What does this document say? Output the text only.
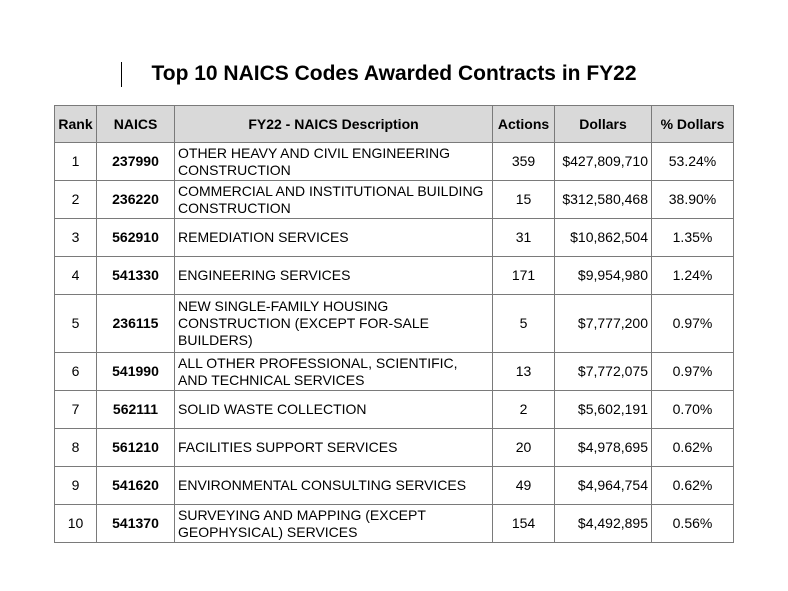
Top 10 NAICS Codes Awarded Contracts in FY22
Rank	NAICS	FY22 - NAICS Description	Actions	Dollars	% Dollars
1	237990	OTHER HEAVY AND CIVIL ENGINEERING CONSTRUCTION	359	$427,809,710	53.24%
2	236220	COMMERCIAL AND INSTITUTIONAL BUILDING CONSTRUCTION	15	$312,580,468	38.90%
3	562910	REMEDIATION SERVICES	31	$10,862,504	1.35%
4	541330	ENGINEERING SERVICES	171	$9,954,980	1.24%
5	236115	NEW SINGLE-FAMILY HOUSING CONSTRUCTION (EXCEPT FOR-SALE BUILDERS)	5	$7,777,200	0.97%
6	541990	ALL OTHER PROFESSIONAL, SCIENTIFIC, AND TECHNICAL SERVICES	13	$7,772,075	0.97%
7	562111	SOLID WASTE COLLECTION	2	$5,602,191	0.70%
8	561210	FACILITIES SUPPORT SERVICES	20	$4,978,695	0.62%
9	541620	ENVIRONMENTAL CONSULTING SERVICES	49	$4,964,754	0.62%
10	541370	SURVEYING AND MAPPING (EXCEPT GEOPHYSICAL) SERVICES	154	$4,492,895	0.56%
